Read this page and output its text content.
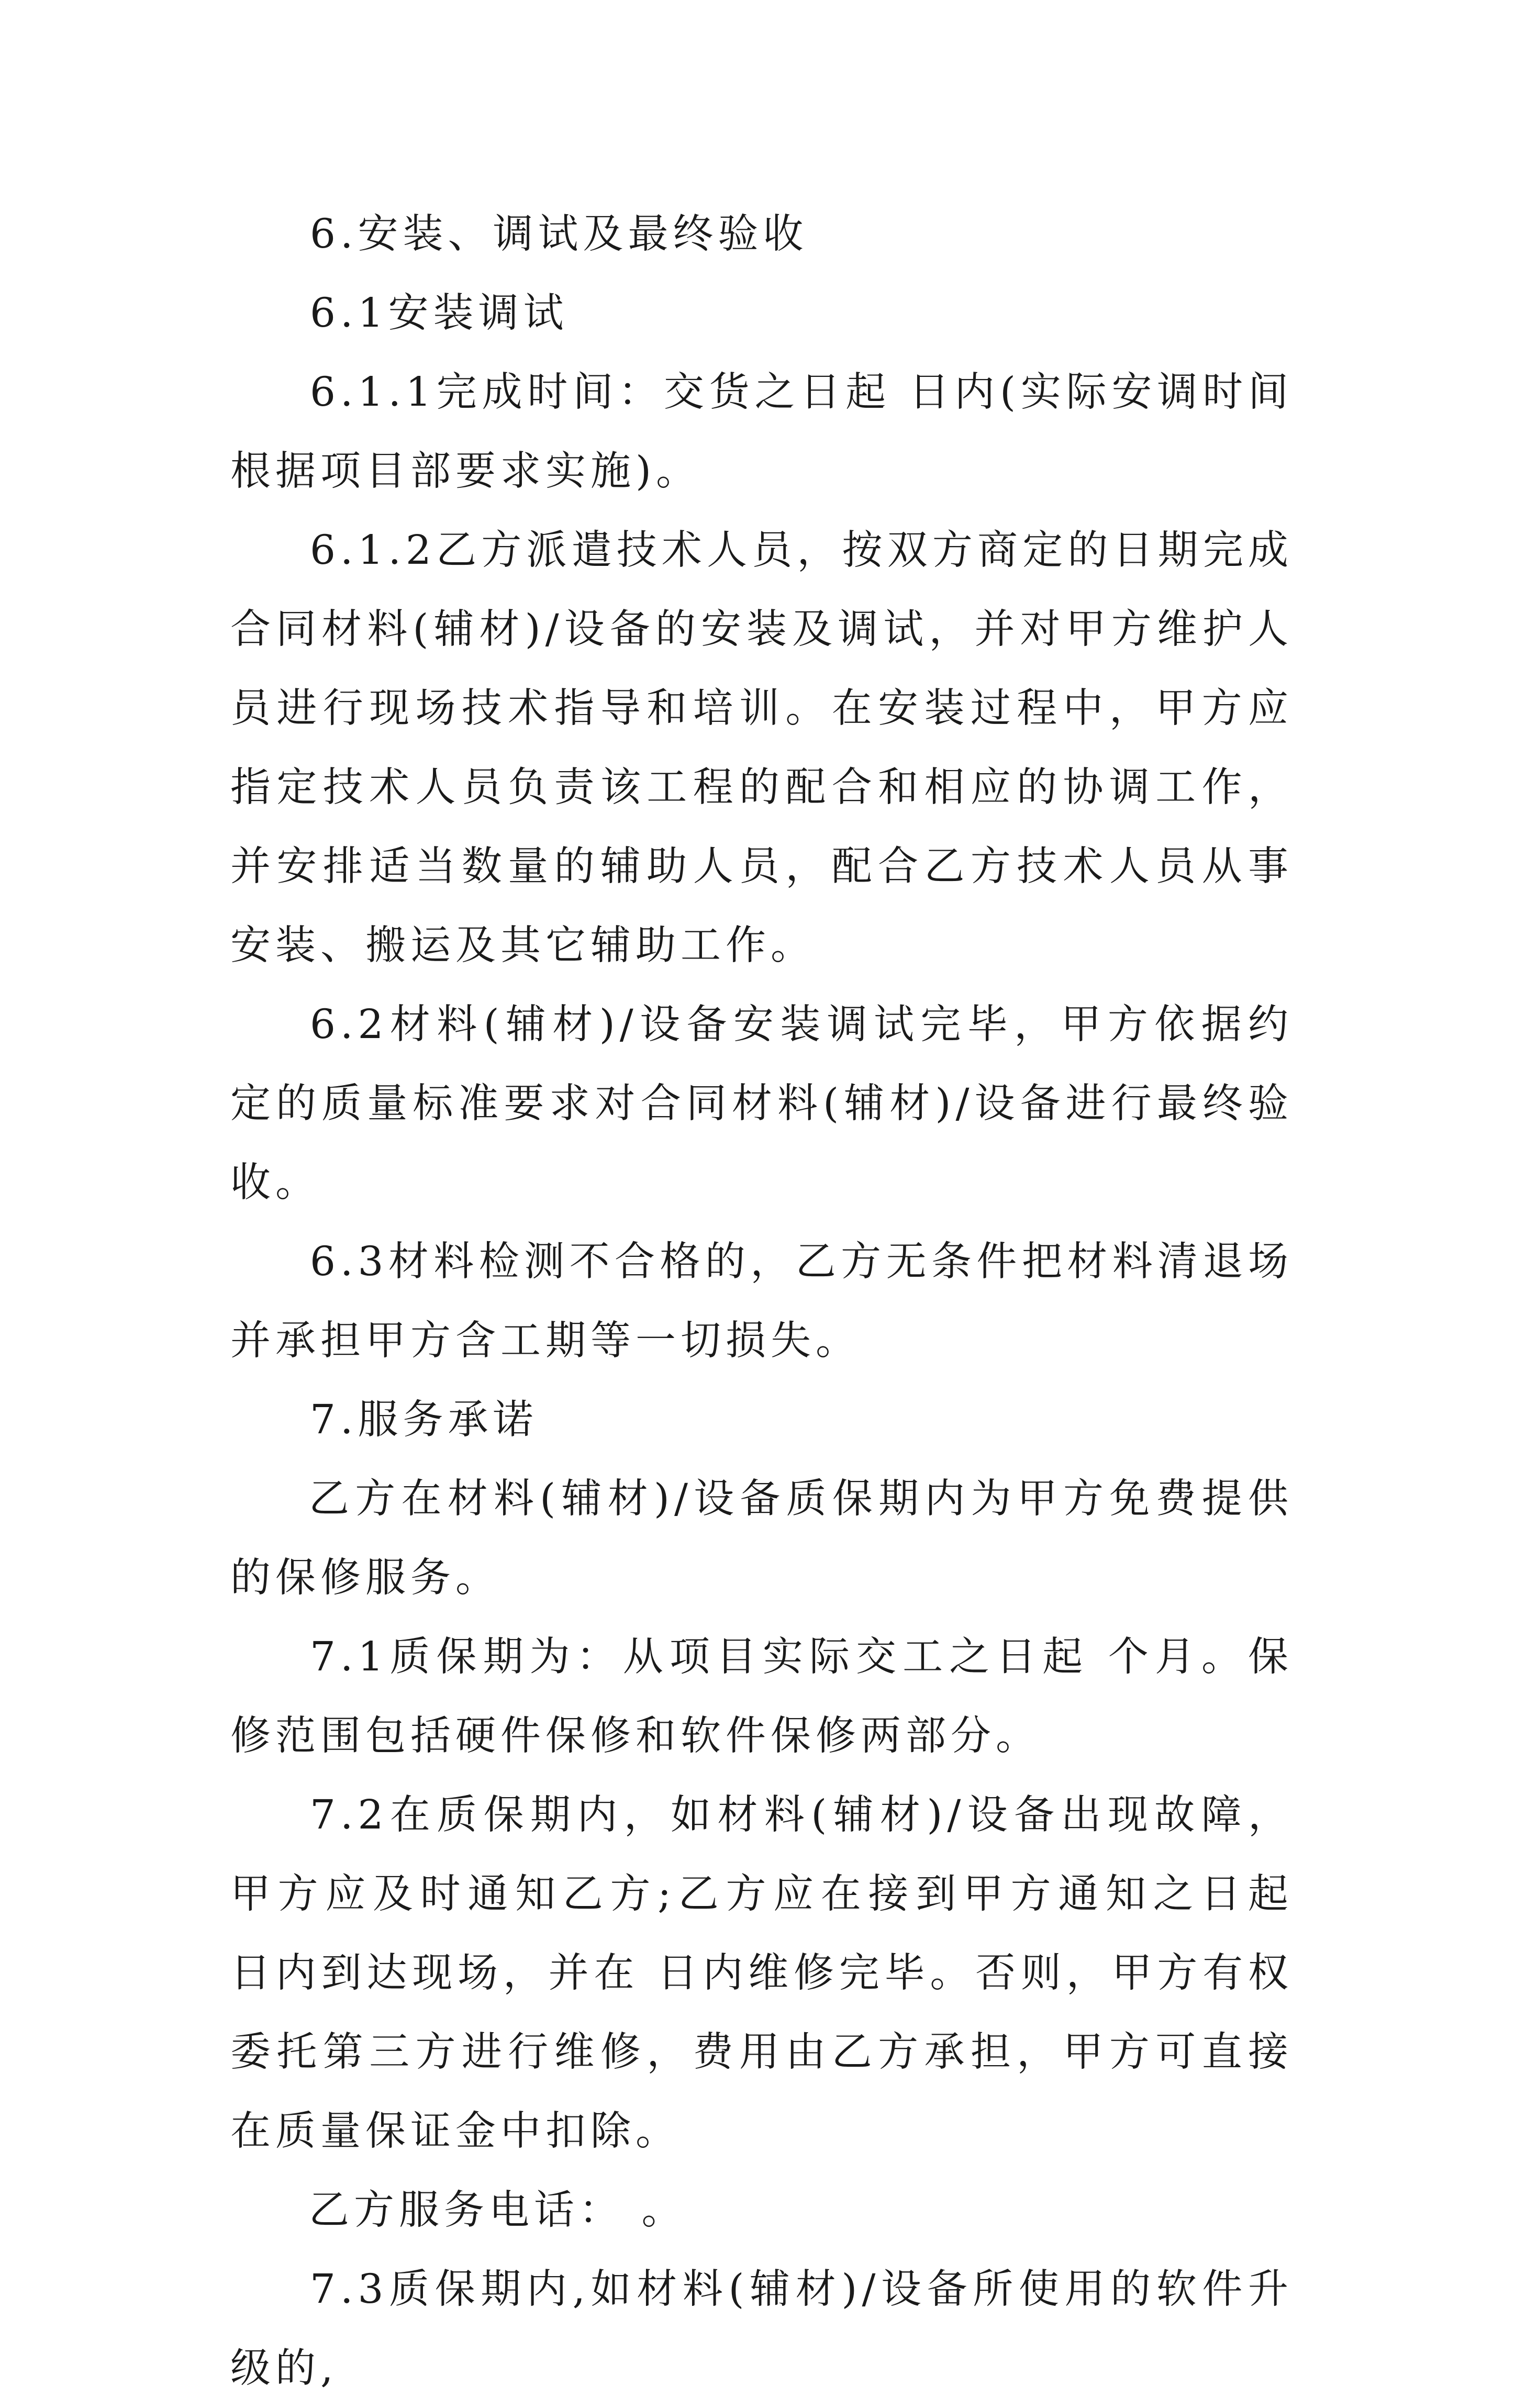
6.安装、调试及最终验收

6.1安装调试

6.1.1完成时间：交货之日起 日内(实际安调时间根据项目部要求实施)。

6.1.2乙方派遣技术人员，按双方商定的日期完成合同材料(辅材)/设备的安装及调试，并对甲方维护人员进行现场技术指导和培训。在安装过程中，甲方应指定技术人员负责该工程的配合和相应的协调工作，并安排适当数量的辅助人员，配合乙方技术人员从事安装、搬运及其它辅助工作。

6.2材料(辅材)/设备安装调试完毕，甲方依据约定的质量标准要求对合同材料(辅材)/设备进行最终验收。

6.3材料检测不合格的，乙方无条件把材料清退场并承担甲方含工期等一切损失。

7.服务承诺

乙方在材料(辅材)/设备质保期内为甲方免费提供的保修服务。

7.1质保期为：从项目实际交工之日起 个月。保修范围包括硬件保修和软件保修两部分。

7.2在质保期内，如材料(辅材)/设备出现故障，甲方应及时通知乙方;乙方应在接到甲方通知之日起 日内到达现场，并在 日内维修完毕。否则，甲方有权委托第三方进行维修，费用由乙方承担，甲方可直接在质量保证金中扣除。

乙方服务电话： 。

7.3质保期内,如材料(辅材)/设备所使用的软件升级的,
